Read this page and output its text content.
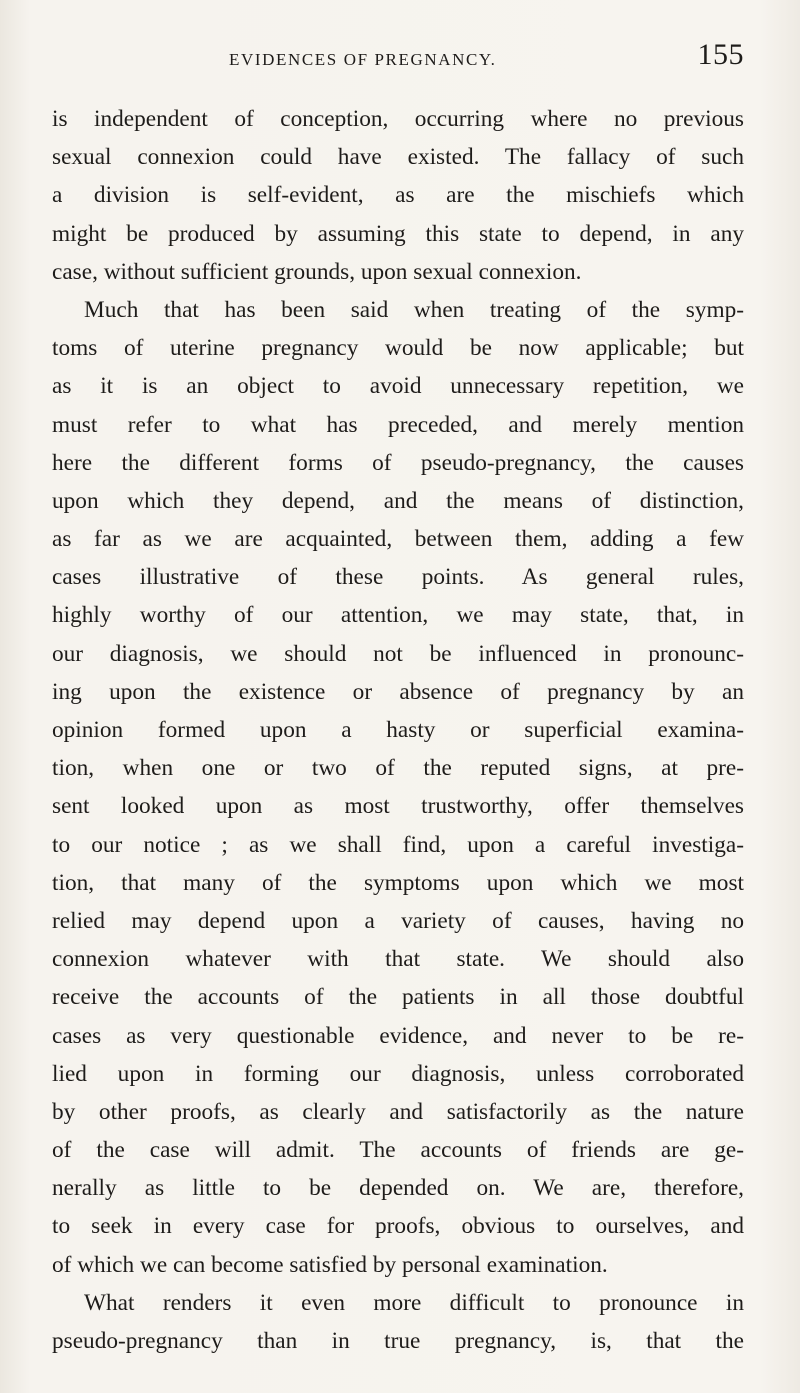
EVIDENCES OF PREGNANCY.	155
is independent of conception, occurring where no previous
sexual connexion could have existed. The fallacy of such
a division is self-evident, as are the mischiefs which
might be produced by assuming this state to depend, in any
case, without sufficient grounds, upon sexual connexion.
Much that has been said when treating of the symp-
toms of uterine pregnancy would be now applicable; but
as it is an object to avoid unnecessary repetition, we
must refer to what has preceded, and merely mention
here the different forms of pseudo-pregnancy, the causes
upon which they depend, and the means of distinction,
as far as we are acquainted, between them, adding a few
cases illustrative of these points. As general rules,
highly worthy of our attention, we may state, that, in
our diagnosis, we should not be influenced in pronounc-
ing upon the existence or absence of pregnancy by an
opinion formed upon a hasty or superficial examina-
tion, when one or two of the reputed signs, at pre-
sent looked upon as most trustworthy, offer themselves
to our notice ; as we shall find, upon a careful investiga-
tion, that many of the symptoms upon which we most
relied may depend upon a variety of causes, having no
connexion whatever with that state. We should also
receive the accounts of the patients in all those doubtful
cases as very questionable evidence, and never to be re-
lied upon in forming our diagnosis, unless corroborated
by other proofs, as clearly and satisfactorily as the nature
of the case will admit. The accounts of friends are ge-
nerally as little to be depended on. We are, therefore,
to seek in every case for proofs, obvious to ourselves, and
of which we can become satisfied by personal examination.
What renders it even more difficult to pronounce in
pseudo-pregnancy than in true pregnancy, is, that the
